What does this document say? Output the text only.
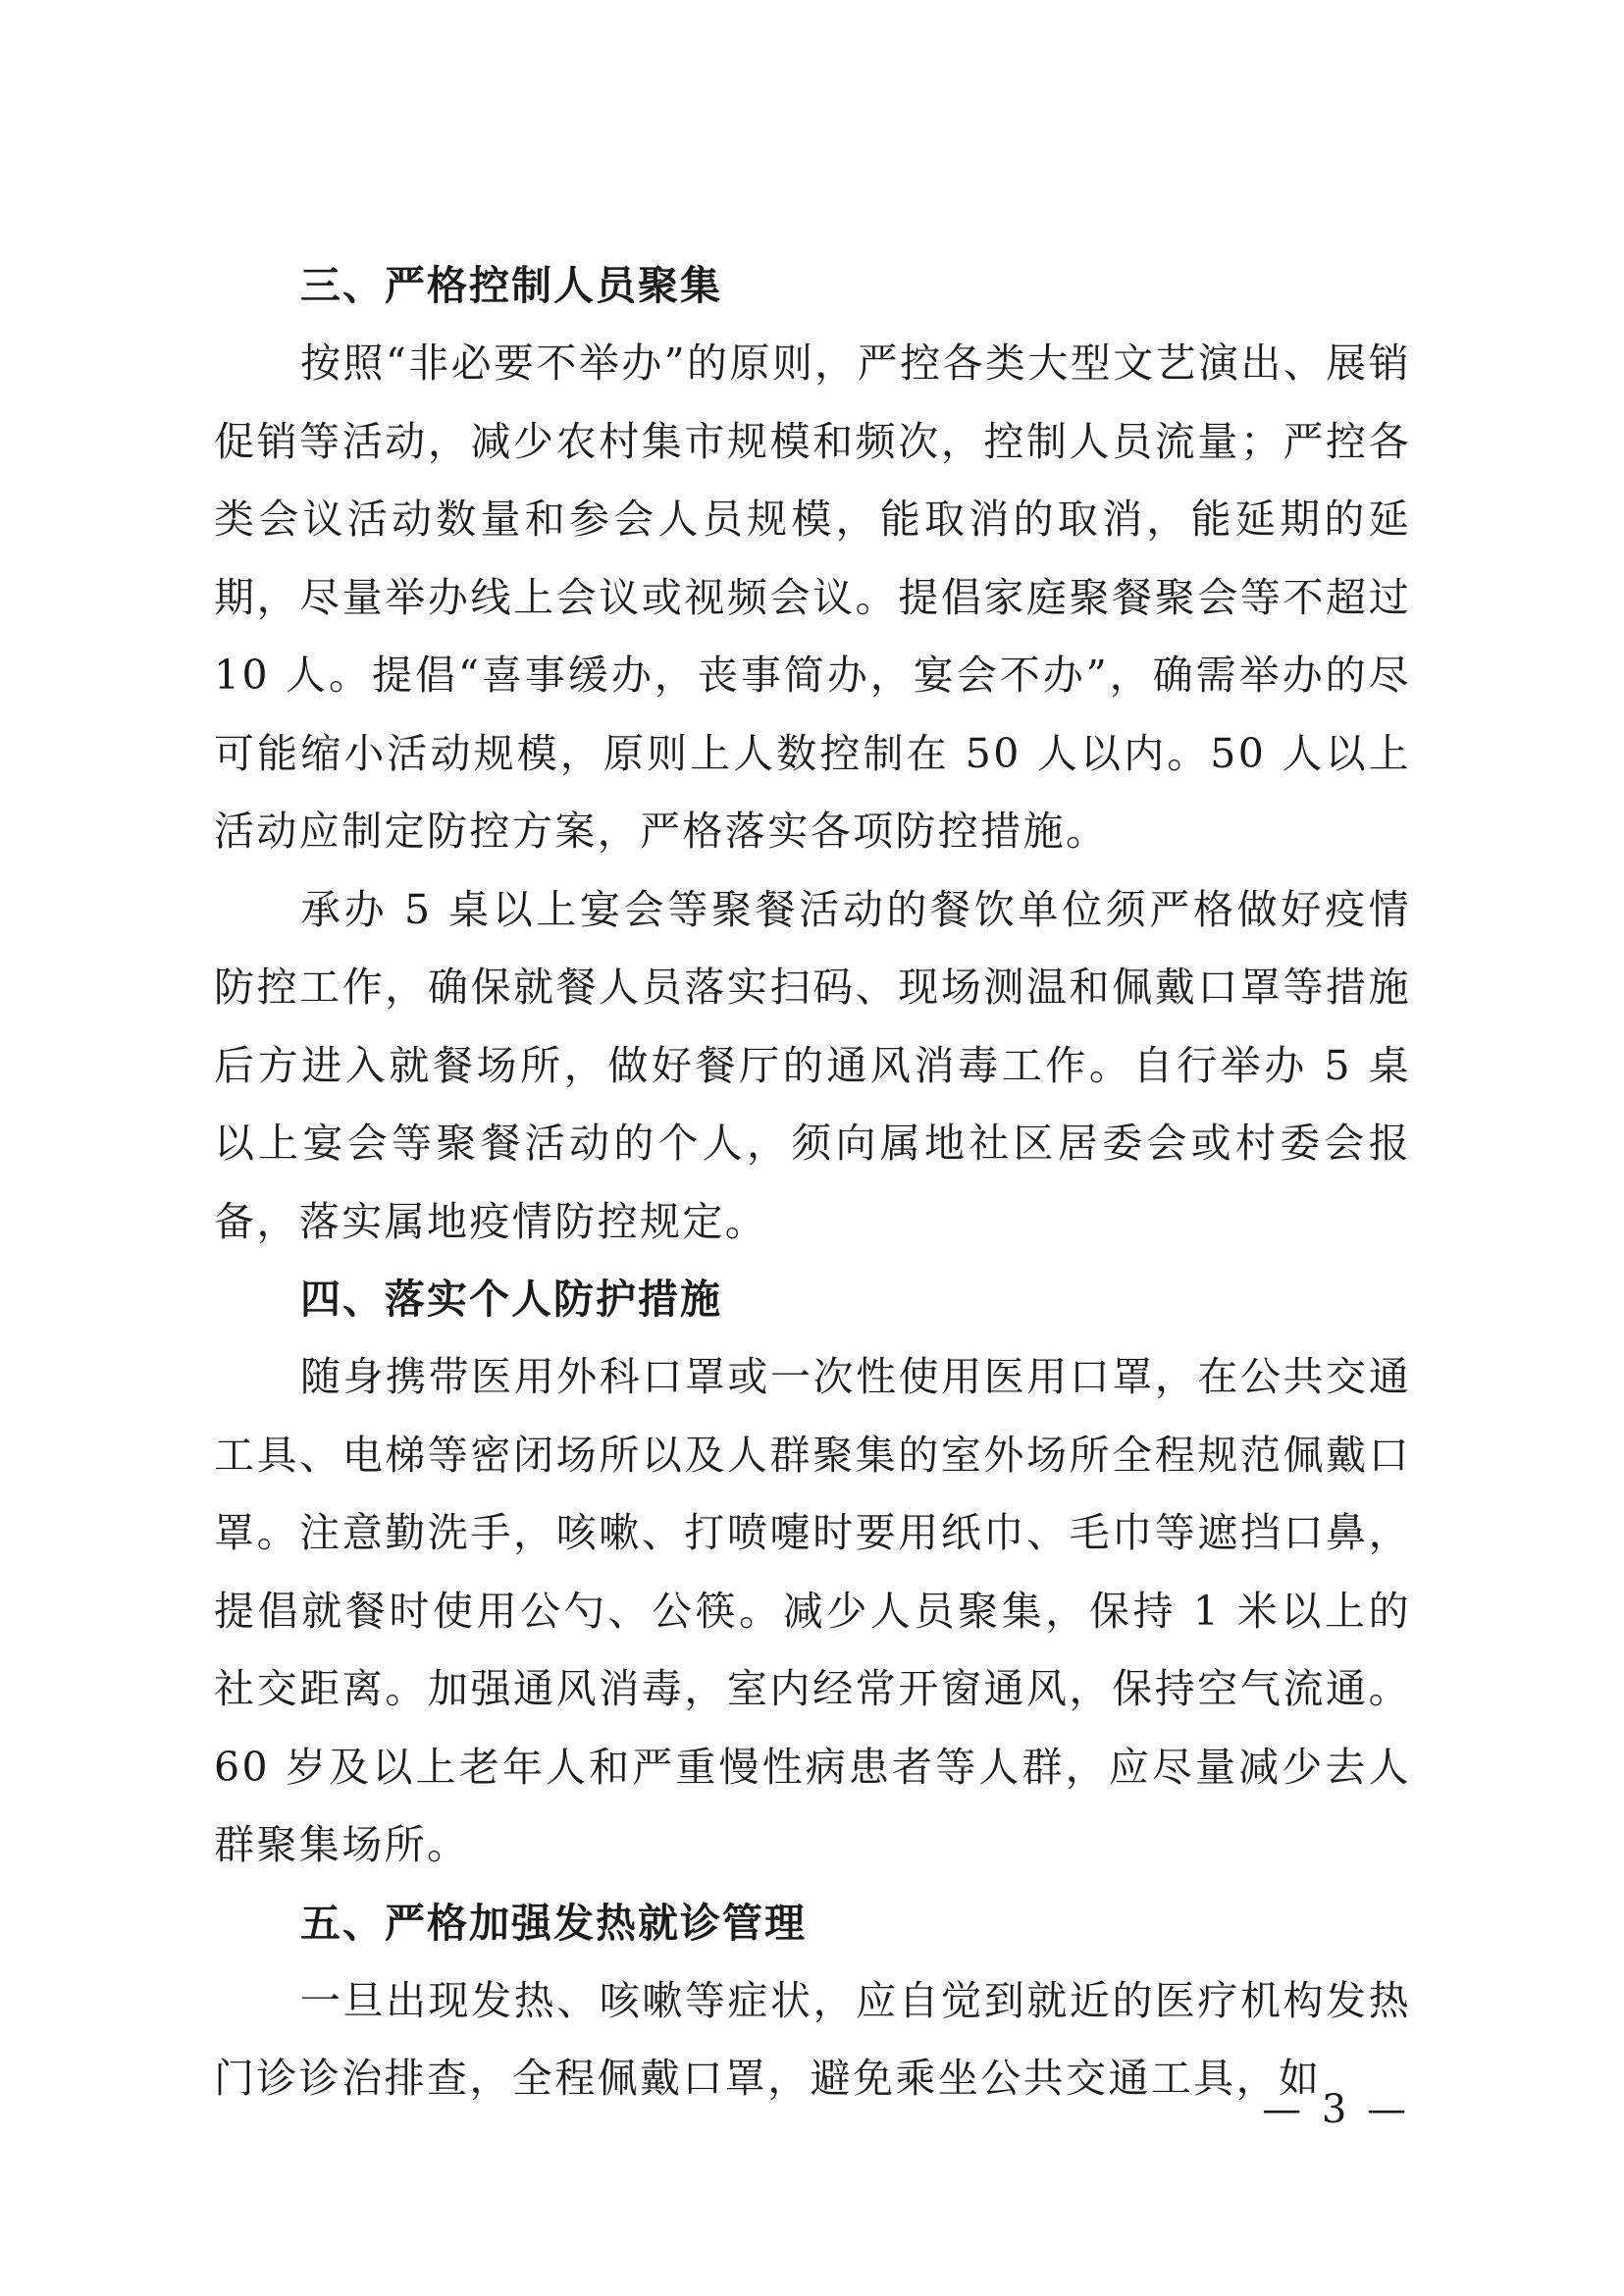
三、严格控制人员聚集

按照“非必要不举办”的原则，严控各类大型文艺演出、展销促销等活动，减少农村集市规模和频次，控制人员流量；严控各类会议活动数量和参会人员规模，能取消的取消，能延期的延期，尽量举办线上会议或视频会议。提倡家庭聚餐聚会等不超过 10 人。提倡“喜事缓办，丧事简办，宴会不办”，确需举办的尽可能缩小活动规模，原则上人数控制在 50 人以内。50 人以上活动应制定防控方案，严格落实各项防控措施。

承办 5 桌以上宴会等聚餐活动的餐饮单位须严格做好疫情防控工作，确保就餐人员落实扫码、现场测温和佩戴口罩等措施后方进入就餐场所，做好餐厅的通风消毒工作。自行举办 5 桌以上宴会等聚餐活动的个人，须向属地社区居委会或村委会报备，落实属地疫情防控规定。

四、落实个人防护措施

随身携带医用外科口罩或一次性使用医用口罩，在公共交通工具、电梯等密闭场所以及人群聚集的室外场所全程规范佩戴口罩。注意勤洗手，咳嗽、打喷嚏时要用纸巾、毛巾等遮挡口鼻，提倡就餐时使用公勺、公筷。减少人员聚集，保持 1 米以上的社交距离。加强通风消毒，室内经常开窗通风，保持空气流通。60 岁及以上老年人和严重慢性病患者等人群，应尽量减少去人群聚集场所。

五、严格加强发热就诊管理

一旦出现发热、咳嗽等症状，应自觉到就近的医疗机构发热门诊诊治排查，全程佩戴口罩，避免乘坐公共交通工具，如

— 3 —
